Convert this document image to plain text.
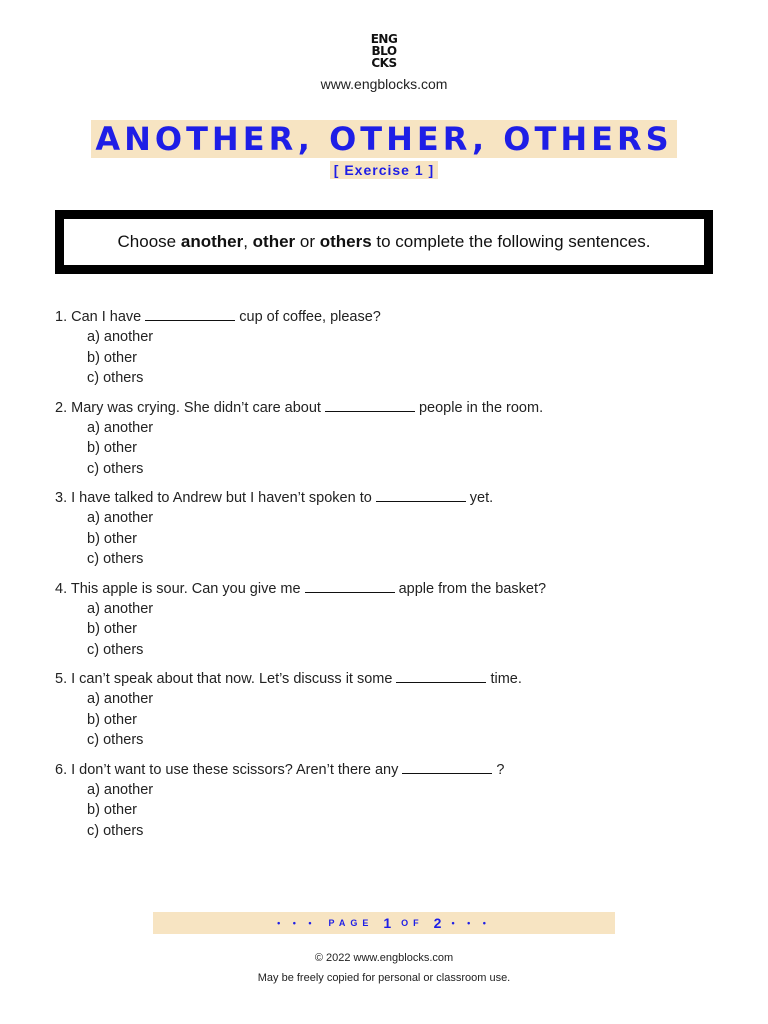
ENG
BLO
CKS
www.engblocks.com
ANOTHER, OTHER, OTHERS
[ Exercise 1 ]
Choose another, other or others to complete the following sentences.
1. Can I have	cup of coffee, please?
a) another
b) other
c) others
2. Mary was crying. She didn’t care about	people in the room.
a) another
b) other
c) others
3. I have talked to Andrew but I haven’t spoken to	yet.
a) another
b) other
c) others
4. This apple is sour. Can you give me	apple from the basket?
a) another
b) other
c) others
5. I can’t speak about that now. Let’s discuss it some	time.
a) another
b) other
c) others
6. I don’t want to use these scissors? Aren’t there any	?
a) another
b) other
c) others
• • • PAGE 1 OF 2 • • •
© 2022 www.engblocks.com
May be freely copied for personal or classroom use.
